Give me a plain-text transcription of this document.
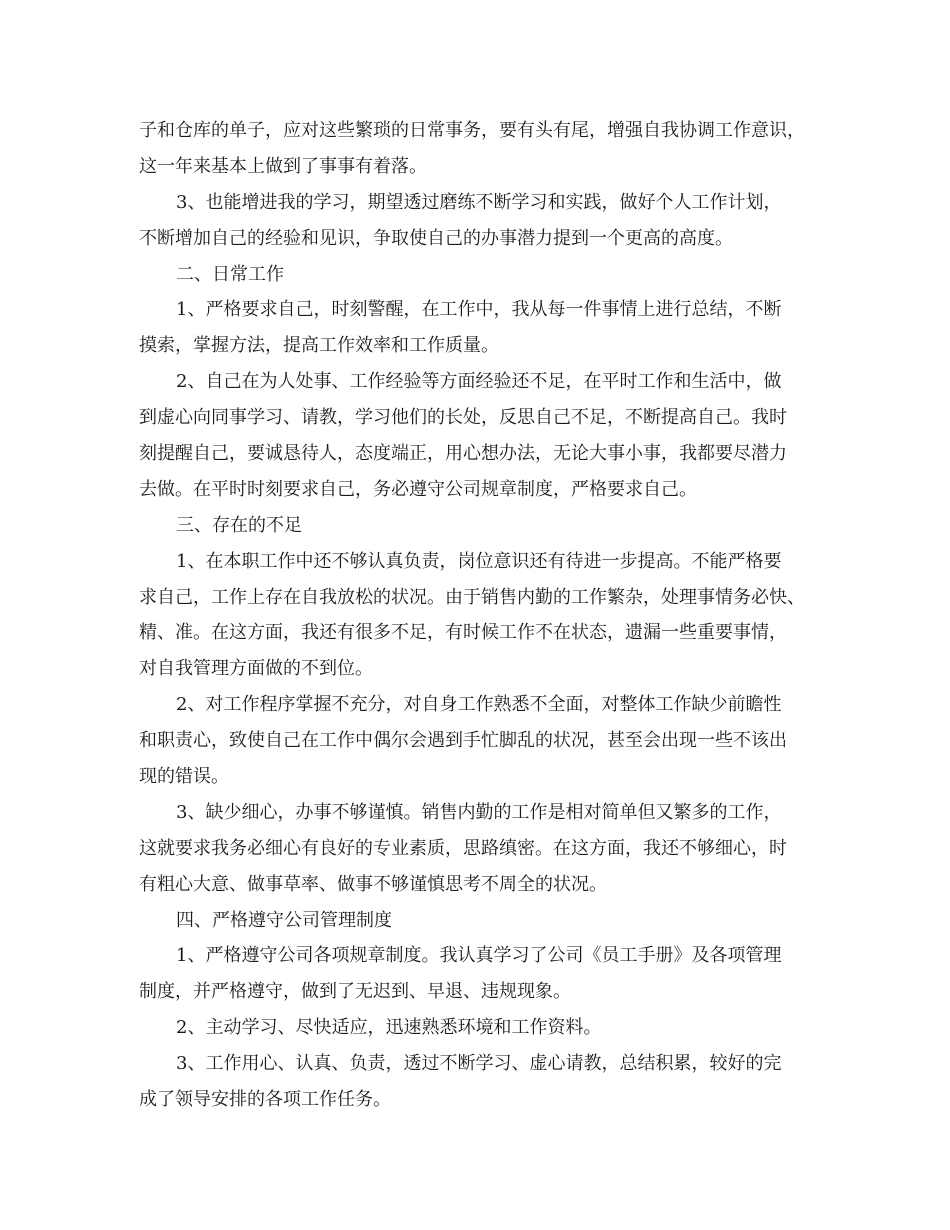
子和仓库的单子，应对这些繁琐的日常事务，要有头有尾，增强自我协调工作意识，
这一年来基本上做到了事事有着落。
3、也能增进我的学习，期望透过磨练不断学习和实践，做好个人工作计划，
不断增加自己的经验和见识，争取使自己的办事潜力提到一个更高的高度。
二、日常工作
1、严格要求自己，时刻警醒，在工作中，我从每一件事情上进行总结，不断
摸索，掌握方法，提高工作效率和工作质量。
2、自己在为人处事、工作经验等方面经验还不足，在平时工作和生活中，做
到虚心向同事学习、请教，学习他们的长处，反思自己不足，不断提高自己。我时
刻提醒自己，要诚恳待人，态度端正，用心想办法，无论大事小事，我都要尽潜力
去做。在平时时刻要求自己，务必遵守公司规章制度，严格要求自己。
三、存在的不足
1、在本职工作中还不够认真负责，岗位意识还有待进一步提高。不能严格要
求自己，工作上存在自我放松的状况。由于销售内勤的工作繁杂，处理事情务必快、
精、准。在这方面，我还有很多不足，有时候工作不在状态，遗漏一些重要事情，
对自我管理方面做的不到位。
2、对工作程序掌握不充分，对自身工作熟悉不全面，对整体工作缺少前瞻性
和职责心，致使自己在工作中偶尔会遇到手忙脚乱的状况，甚至会出现一些不该出
现的错误。
3、缺少细心，办事不够谨慎。销售内勤的工作是相对简单但又繁多的工作，
这就要求我务必细心有良好的专业素质，思路缜密。在这方面，我还不够细心，时
有粗心大意、做事草率、做事不够谨慎思考不周全的状况。
四、严格遵守公司管理制度
1、严格遵守公司各项规章制度。我认真学习了公司《员工手册》及各项管理
制度，并严格遵守，做到了无迟到、早退、违规现象。
2、主动学习、尽快适应，迅速熟悉环境和工作资料。
3、工作用心、认真、负责，透过不断学习、虚心请教，总结积累，较好的完
成了领导安排的各项工作任务。
